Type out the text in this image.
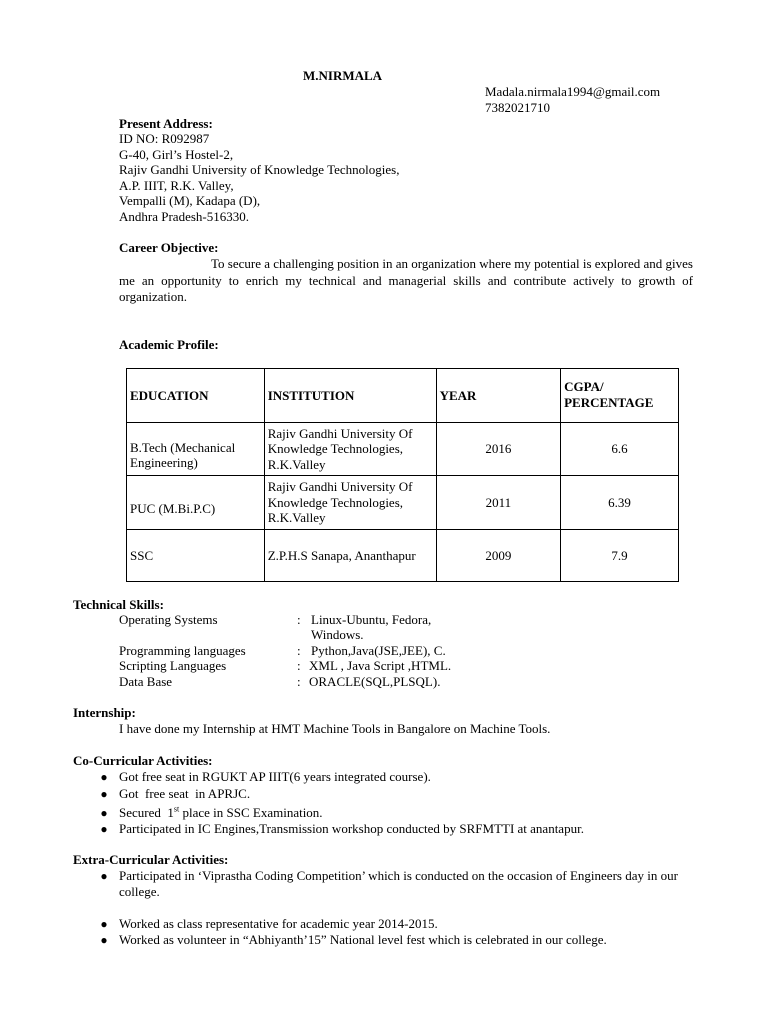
M.NIRMALA
Madala.nirmala1994@gmail.com
7382021710
Present Address:
ID NO: R092987
G-40, Girl’s Hostel-2,
Rajiv Gandhi University of Knowledge Technologies,
A.P. IIIT, R.K. Valley,
Vempalli (M), Kadapa (D),
Andhra Pradesh-516330.
Career Objective:
To secure a challenging position in an organization where my potential is explored and gives me an opportunity to enrich my technical and managerial skills and contribute actively to growth of organization.
Academic Profile:
EDUCATION	INSTITUTION	YEAR	CGPA/ PERCENTAGE
B.Tech (Mechanical Engineering)	Rajiv Gandhi University Of Knowledge Technologies, R.K.Valley	2016	6.6
PUC (M.Bi.P.C)	Rajiv Gandhi University Of Knowledge Technologies, R.K.Valley	2011	6.39
SSC	Z.P.H.S Sanapa, Ananthapur	2009	7.9
Technical Skills:
Operating Systems	: Linux-Ubuntu, Fedora,
Windows.
Programming languages	: Python,Java(JSE,JEE), C.
Scripting Languages	: XML , Java Script ,HTML.
Data Base	: ORACLE(SQL,PLSQL).
Internship:
I have done my Internship at HMT Machine Tools in Bangalore on Machine Tools.
Co-Curricular Activities:
● Got free seat in RGUKT AP IIIT(6 years integrated course).
● Got  free seat  in APRJC.
● Secured  1st place in SSC Examination.
● Participated in IC Engines,Transmission workshop conducted by SRFMTTI at anantapur.
Extra-Curricular Activities:
● Participated in ‘Viprastha Coding Competition’ which is conducted on the occasion of Engineers day in our college.
● Worked as class representative for academic year 2014-2015.
● Worked as volunteer in “Abhiyanth’15” National level fest which is celebrated in our college.
